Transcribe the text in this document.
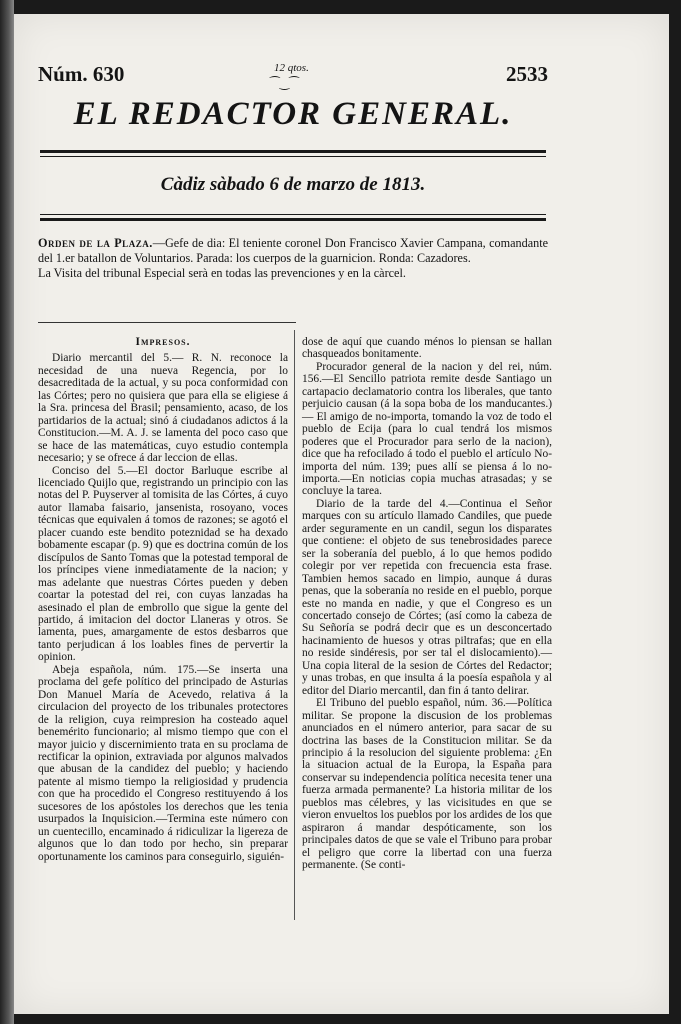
Núm. 630	12 qtos.
⁀‿⁀	2533
EL REDACTOR GENERAL.
Càdiz sàbado 6 de marzo de 1813.

Orden de la Plaza.—Gefe de dia: El teniente coronel Don Francisco Xavier Campana, comandante del 1.er batallon de Voluntarios. Parada: los cuerpos de la guarnicion. Ronda: Cazadores.

La Visita del tribunal Especial serà en todas las prevenciones y en la càrcel.

Impresos.

Diario mercantil del 5.— R. N. reconoce la necesidad de una nueva Regencia, por lo desacreditada de la actual, y su poca conformidad con las Córtes; pero no quisiera que para ella se eligiese á la Sra. princesa del Brasil; pensamiento, acaso, de los partidarios de la actual; sinó á ciudadanos adictos á la Constitucion.—M. A. J. se lamenta del poco caso que se hace de las matemáticas, cuyo estudio contempla necesario; y se ofrece á dar leccion de ellas.

Conciso del 5.—El doctor Barluque escribe al licenciado Quijlo que, registrando un principio con las notas del P. Puyserver al tomisita de las Córtes, á cuyo autor llamaba faisario, jansenista, rosoyano, voces técnicas que equivalen á tomos de razones; se agotó el placer cuando este bendito poteznidad se ha dexado bobamente escapar (p. 9) que es doctrina común de los discípulos de Santo Tomas que la potestad temporal de los príncipes viene inmediatamente de la nacion; y mas adelante que nuestras Córtes pueden y deben coartar la potestad del rei, con cuyas lanzadas ha asesinado el plan de embrollo que sigue la gente del partido, á imitacion del doctor Llaneras y otros. Se lamenta, pues, amargamente de estos desbarros que tanto perjudican á los loables fines de pervertir la opinion.

Abeja española, núm. 175.—Se inserta una proclama del gefe político del principado de Asturias Don Manuel María de Acevedo, relativa á la circulacion del proyecto de los tribunales protectores de la religion, cuya reimpresion ha costeado aquel benemérito funcionario; al mismo tiempo que con el mayor juicio y discernimiento trata en su proclama de rectificar la opinion, extraviada por algunos malvados que abusan de la candidez del pueblo; y haciendo patente al mismo tiempo la religiosidad y prudencia con que ha procedido el Congreso restituyendo á los sucesores de los apóstoles los derechos que les tenia usurpados la Inquisicion.—Termina este número con un cuentecillo, encaminado á ridiculizar la ligereza de algunos que lo dan todo por hecho, sin preparar oportunamente los caminos para conseguirlo, siguién-

dose de aquí que cuando ménos lo piensan se hallan chasqueados bonitamente.

Procurador general de la nacion y del rei, núm. 156.—El Sencillo patriota remite desde Santiago un cartapacio declamatorio contra los liberales, que tanto perjuicio causan (á la sopa boba de los manducantes.)— El amigo de no-importa, tomando la voz de todo el pueblo de Ecija (para lo cual tendrá los mismos poderes que el Procurador para serlo de la nacion), dice que ha refocilado á todo el pueblo el artículo No-importa del núm. 139; pues allí se piensa á lo no-importa.—En noticias copia muchas atrasadas; y se concluye la tarea.

Diario de la tarde del 4.—Continua el Señor marques con su artículo llamado Candiles, que puede arder seguramente en un candil, segun los disparates que contiene: el objeto de sus tenebrosidades parece ser la soberanía del pueblo, á lo que hemos podido colegir por ver repetida con frecuencia esta frase. Tambien hemos sacado en limpio, aunque á duras penas, que la soberanía no reside en el pueblo, porque este no manda en nadie, y que el Congreso es un concertado consejo de Córtes; (así como la cabeza de Su Señoría se podrá decir que es un desconcertado hacinamiento de huesos y otras piltrafas; que en ella no reside sindéresis, por ser tal el dislocamiento).—Una copia literal de la sesion de Córtes del Redactor; y unas trobas, en que insulta á la poesía española y al editor del Diario mercantil, dan fin á tanto delirar.

El Tribuno del pueblo español, núm. 36.—Política militar. Se propone la discusion de los problemas anunciados en el número anterior, para sacar de su doctrina las bases de la Constitucion militar. Se da principio á la resolucion del siguiente problema: ¿En la situacion actual de la Europa, la España para conservar su independencia política necesita tener una fuerza armada permanente? La historia militar de los pueblos mas célebres, y las vicisitudes en que se vieron envueltos los pueblos por los ardides de los que aspiraron á mandar despóticamente, son los principales datos de que se vale el Tribuno para probar el peligro que corre la libertad con una fuerza permanente. (Se conti-
